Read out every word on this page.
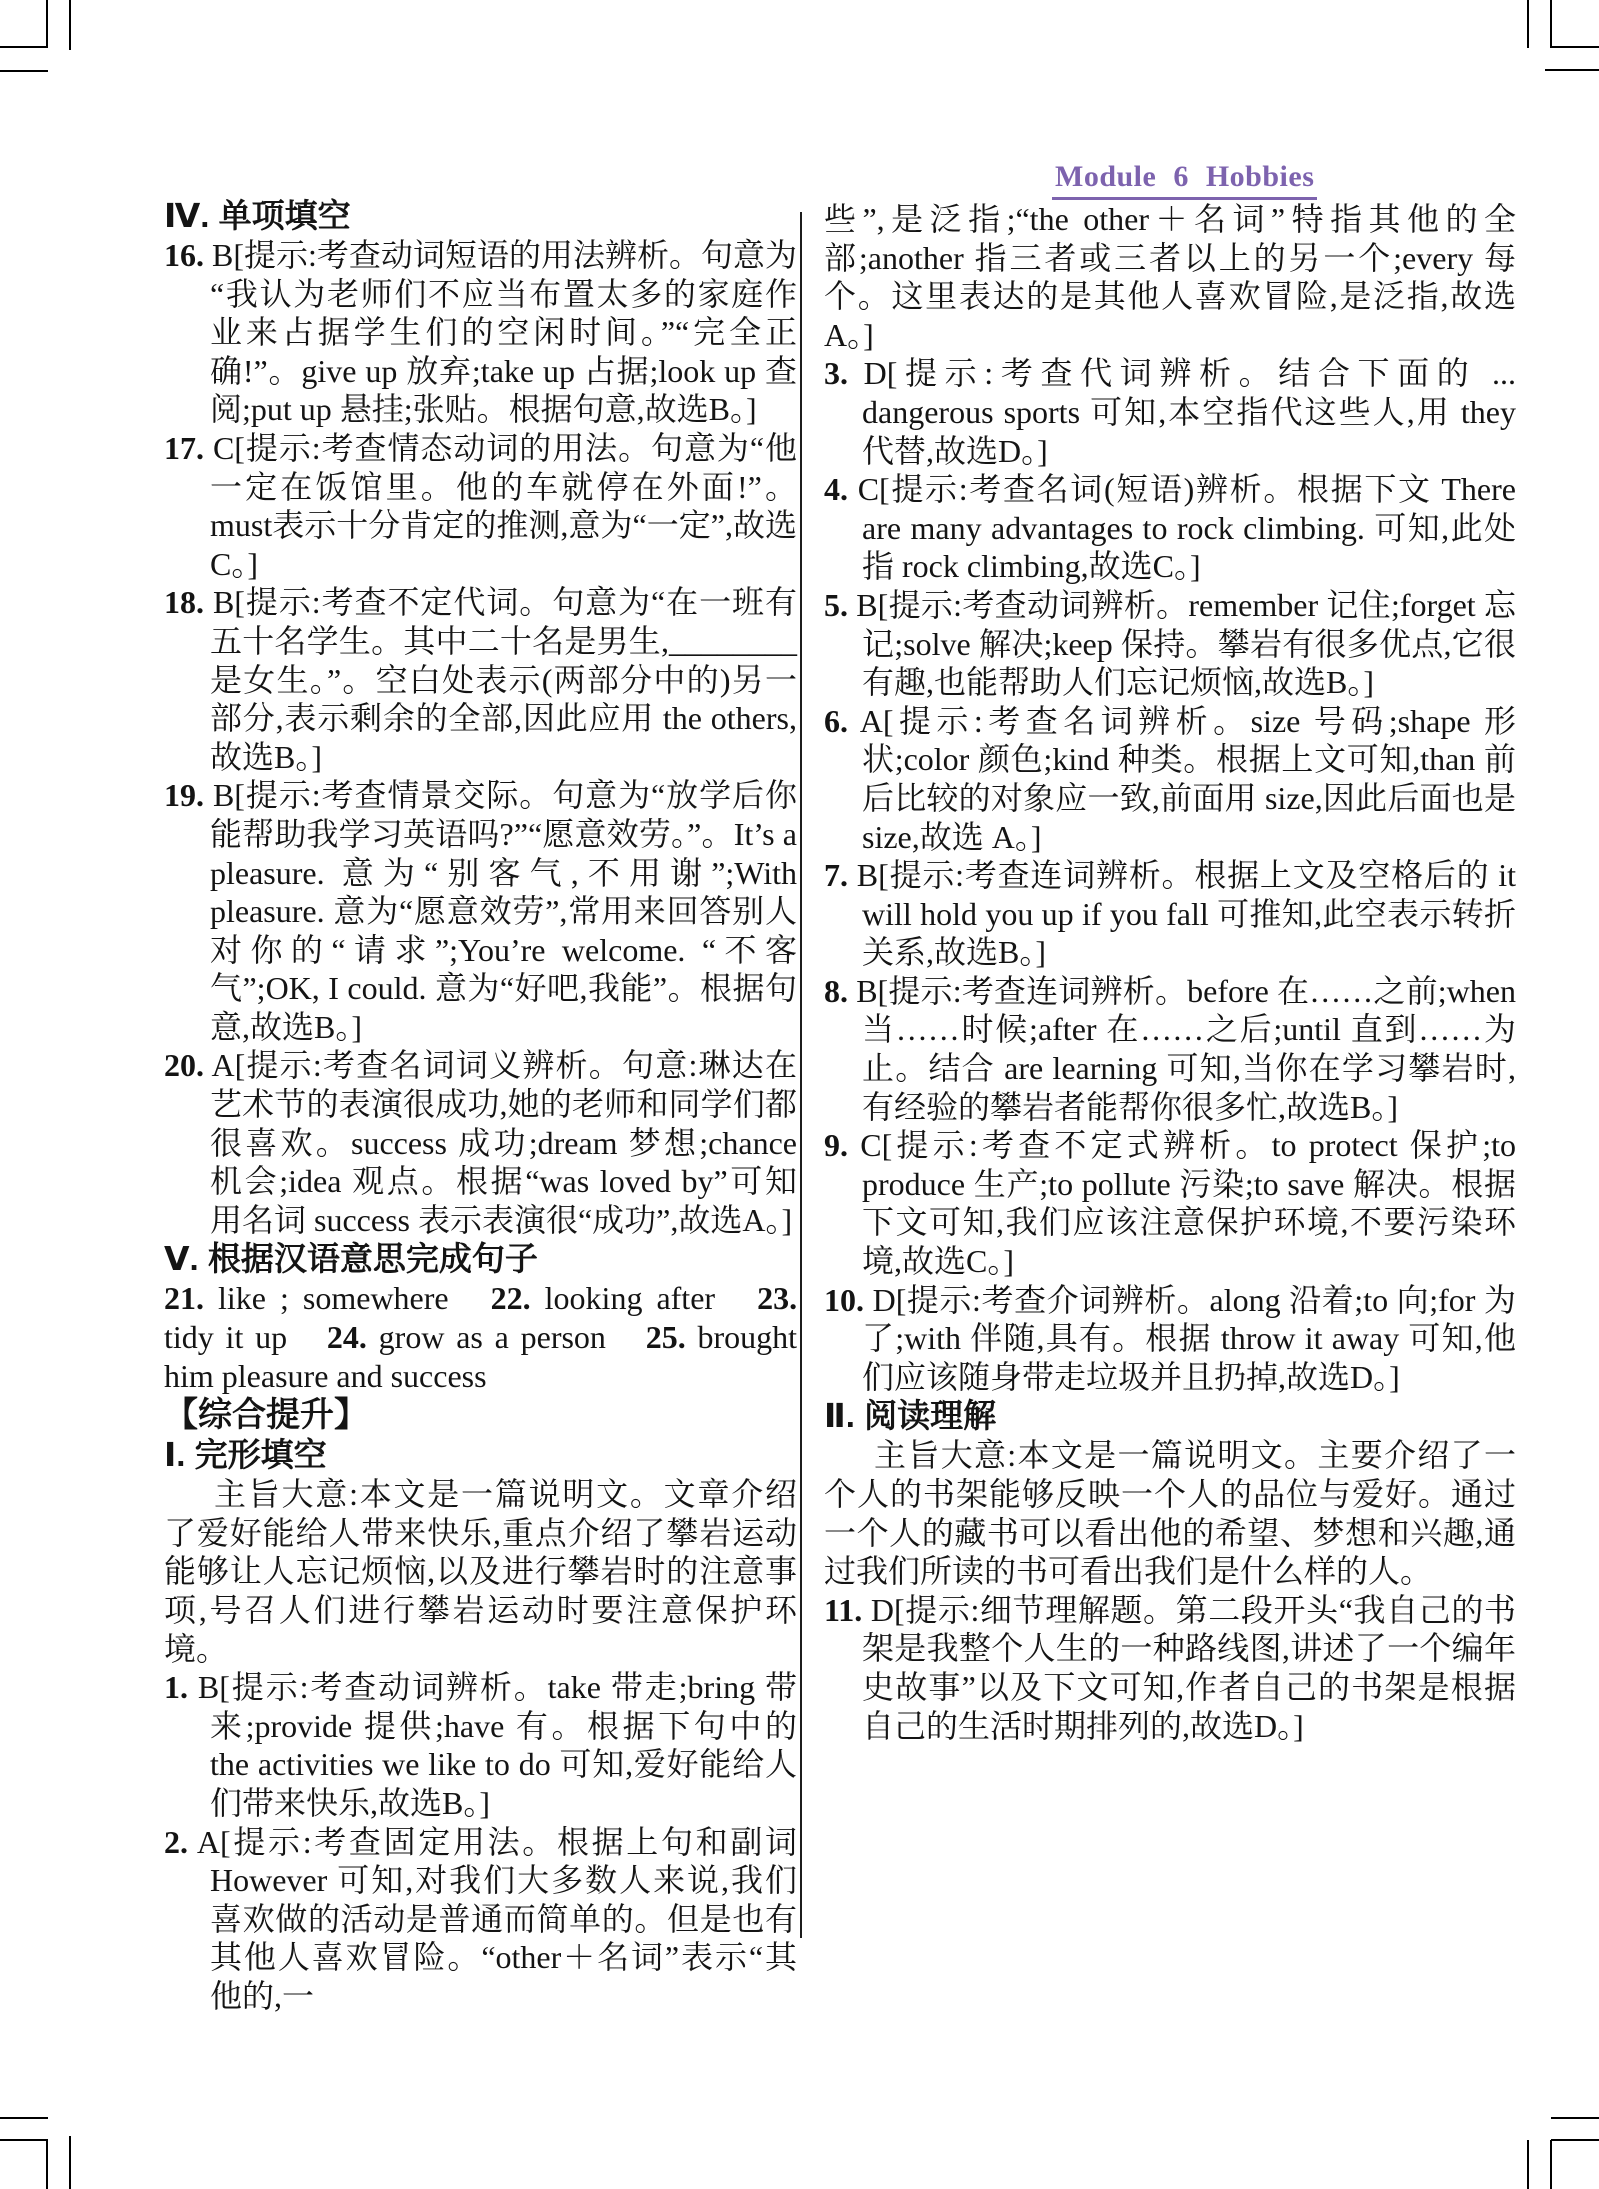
Module 6 Hobbies
Ⅳ. 单项填空

16. B[提示:考查动词短语的用法辨析。句意为“我认为老师们不应当布置太多的家庭作业来占据学生们的空闲时间。”“完全正确!”。give up 放弃;take up 占据;look up 查阅;put up 悬挂;张贴。根据句意,故选B。]

17. C[提示:考查情态动词的用法。句意为“他一定在饭馆里。他的车就停在外面!”。must表示十分肯定的推测,意为“一定”,故选C。]

18. B[提示:考查不定代词。句意为“在一班有五十名学生。其中二十名是男生,________是女生。”。空白处表示(两部分中的)另一部分,表示剩余的全部,因此应用 the others,故选B。]

19. B[提示:考查情景交际。句意为“放学后你能帮助我学习英语吗?”“愿意效劳。”。It’s a pleasure. 意为“别客气,不用谢”;With pleasure. 意为“愿意效劳”,常用来回答别人对你的“请求”;You’re welcome. “不客气”;OK, I could. 意为“好吧,我能”。根据句意,故选B。]

20. A[提示:考查名词词义辨析。句意:琳达在艺术节的表演很成功,她的老师和同学们都很喜欢。success 成功;dream 梦想;chance 机会;idea 观点。根据“was loved by”可知用名词 success 表示表演很“成功”,故选A。]

Ⅴ. 根据汉语意思完成句子

21. like ; somewhere 22. looking after 23. tidy it up 24. grow as a person 25. brought him pleasure and success

【综合提升】
Ⅰ. 完形填空

主旨大意:本文是一篇说明文。文章介绍了爱好能给人带来快乐,重点介绍了攀岩运动能够让人忘记烦恼,以及进行攀岩时的注意事项,号召人们进行攀岩运动时要注意保护环境。

1. B[提示:考查动词辨析。take 带走;bring 带来;provide 提供;have 有。根据下句中的 the activities we like to do 可知,爱好能给人们带来快乐,故选B。]

2. A[提示:考查固定用法。根据上句和副词 However 可知,对我们大多数人来说,我们喜欢做的活动是普通而简单的。但是也有其他人喜欢冒险。“other＋名词”表示“其他的,一

些”,是泛指;“the other＋名词”特指其他的全部;another 指三者或三者以上的另一个;every 每个。这里表达的是其他人喜欢冒险,是泛指,故选A。]

3. D[提示:考查代词辨析。结合下面的 ... dangerous sports 可知,本空指代这些人,用 they 代替,故选D。]

4. C[提示:考查名词(短语)辨析。根据下文 There are many advantages to rock climbing. 可知,此处指 rock climbing,故选C。]

5. B[提示:考查动词辨析。remember 记住;forget 忘记;solve 解决;keep 保持。攀岩有很多优点,它很有趣,也能帮助人们忘记烦恼,故选B。]

6. A[提示:考查名词辨析。size 号码;shape 形状;color 颜色;kind 种类。根据上文可知,than 前后比较的对象应一致,前面用 size,因此后面也是 size,故选 A。]

7. B[提示:考查连词辨析。根据上文及空格后的 it will hold you up if you fall 可推知,此空表示转折关系,故选B。]

8. B[提示:考查连词辨析。before 在……之前;when 当……时候;after 在……之后;until 直到……为止。结合 are learning 可知,当你在学习攀岩时,有经验的攀岩者能帮你很多忙,故选B。]

9. C[提示:考查不定式辨析。to protect 保护;to produce 生产;to pollute 污染;to save 解决。根据下文可知,我们应该注意保护环境,不要污染环境,故选C。]

10. D[提示:考查介词辨析。along 沿着;to 向;for 为了;with 伴随,具有。根据 throw it away 可知,他们应该随身带走垃圾并且扔掉,故选D。]

Ⅱ. 阅读理解

主旨大意:本文是一篇说明文。主要介绍了一个人的书架能够反映一个人的品位与爱好。通过一个人的藏书可以看出他的希望、梦想和兴趣,通过我们所读的书可看出我们是什么样的人。

11. D[提示:细节理解题。第二段开头“我自己的书架是我整个人生的一种路线图,讲述了一个编年史故事”以及下文可知,作者自己的书架是根据自己的生活时期排列的,故选D。]
